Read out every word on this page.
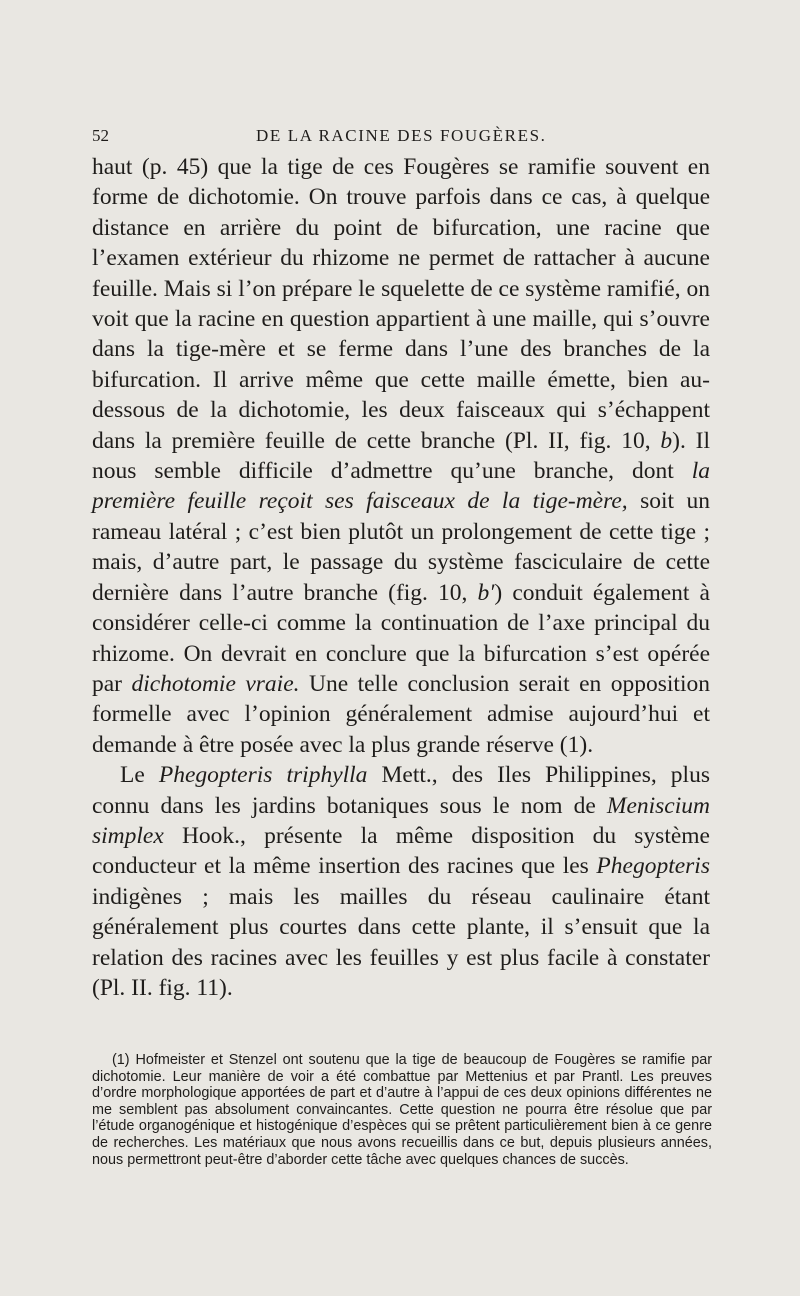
52	DE LA RACINE DES FOUGÈRES.

haut (p. 45) que la tige de ces Fougères se ramifie souvent en forme de dichotomie. On trouve parfois dans ce cas, à quelque distance en arrière du point de bifurcation, une racine que l’examen extérieur du rhizome ne permet de rattacher à aucune feuille. Mais si l’on prépare le squelette de ce système ramifié, on voit que la racine en question appartient à une maille, qui s’ouvre dans la tige-mère et se ferme dans l’une des branches de la bifurcation. Il arrive même que cette maille émette, bien au-dessous de la dichotomie, les deux faisceaux qui s’échappent dans la première feuille de cette branche (Pl. II, fig. 10, b). Il nous semble difficile d’admettre qu’une branche, dont la première feuille reçoit ses faisceaux de la tige-mère, soit un rameau latéral ; c’est bien plutôt un prolongement de cette tige ; mais, d’autre part, le passage du système fasciculaire de cette dernière dans l’autre branche (fig. 10, b′) conduit également à considérer celle-ci comme la continuation de l’axe principal du rhizome. On devrait en conclure que la bifurcation s’est opérée par dichotomie vraie. Une telle conclusion serait en opposition formelle avec l’opinion généralement admise aujourd’hui et demande à être posée avec la plus grande réserve (1).

Le Phegopteris triphylla Mett., des Iles Philippines, plus connu dans les jardins botaniques sous le nom de Meniscium simplex Hook., présente la même disposition du système conducteur et la même insertion des racines que les Phegopteris indigènes ; mais les mailles du réseau caulinaire étant généralement plus courtes dans cette plante, il s’ensuit que la relation des racines avec les feuilles y est plus facile à constater (Pl. II. fig. 11).

(1) Hofmeister et Stenzel ont soutenu que la tige de beaucoup de Fougères se ramifie par dichotomie. Leur manière de voir a été combattue par Mettenius et par Prantl. Les preuves d’ordre morphologique apportées de part et d’autre à l’appui de ces deux opinions différentes ne me semblent pas absolument convaincantes. Cette question ne pourra être résolue que par l’étude organogénique et histogénique d’espèces qui se prêtent particulièrement bien à ce genre de recherches. Les matériaux que nous avons recueillis dans ce but, depuis plusieurs années, nous permettront peut-être d’aborder cette tâche avec quelques chances de succès.
